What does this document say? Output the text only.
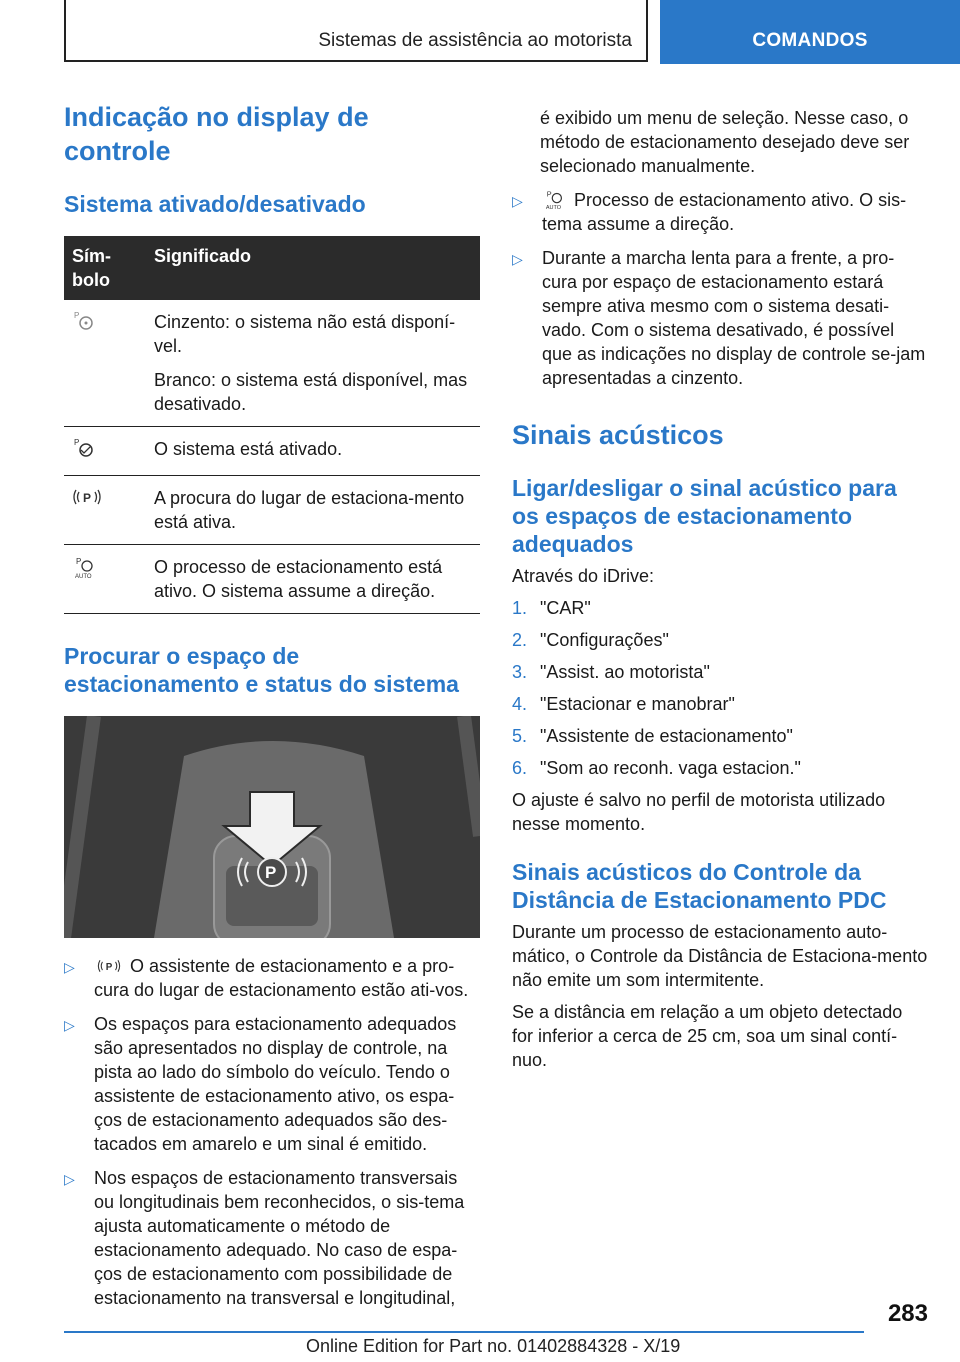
Sistemas de assistência ao motorista	COMANDOS
Indicação no display de controle
Sistema ativado/desativado
Sím-
bolo	Significado

P	Cinzento: o sistema não está disponí-vel.

Branco: o sistema está disponível, mas desativado.

P	O sistema está ativado.

P	A procura do lugar de estaciona-mento está ativa.

P
AUTO	O processo de estacionamento está ativo. O sistema assume a direção.

Procurar o espaço de estacionamento e status do sistema
P
▷	P O assistente de estacionamento e a pro-cura do lugar de estacionamento estão ati-vos.
▷ Os espaços para estacionamento adequados são apresentados no display de controle, na pista ao lado do símbolo do veículo. Tendo o assistente de estacionamento ativo, os espa-ços de estacionamento adequados são des-tacados em amarelo e um sinal é emitido.
▷ Nos espaços de estacionamento transversais ou longitudinais bem reconhecidos, o sis-tema ajusta automaticamente o método de estacionamento adequado. No caso de espa-ços de estacionamento com possibilidade de estacionamento na transversal e longitudinal,

é exibido um menu de seleção. Nesse caso, o método de estacionamento desejado deve ser selecionado manualmente.

▷	P
AUTO Processo de estacionamento ativo. O sis-tema assume a direção.
▷ Durante a marcha lenta para a frente, a pro-cura por espaço de estacionamento estará sempre ativa mesmo com o sistema desati-vado. Com o sistema desativado, é possível que as indicações no display de controle se-jam apresentadas a cinzento.
Sinais acústicos
Ligar/desligar o sinal acústico para os espaços de estacionamento adequados

Através do iDrive:

1. "CAR"
2. "Configurações"
3. "Assist. ao motorista"
4. "Estacionar e manobrar"
5. "Assistente de estacionamento"
6. "Som ao reconh. vaga estacion."

O ajuste é salvo no perfil de motorista utilizado nesse momento.

Sinais acústicos do Controle da Distância de Estacionamento PDC

Durante um processo de estacionamento auto-mático, o Controle da Distância de Estaciona-mento não emite um som intermitente.

Se a distância em relação a um objeto detectado for inferior a cerca de 25 cm, soa um sinal contí-nuo.

283
Online Edition for Part no. 01402884328 - X/19
